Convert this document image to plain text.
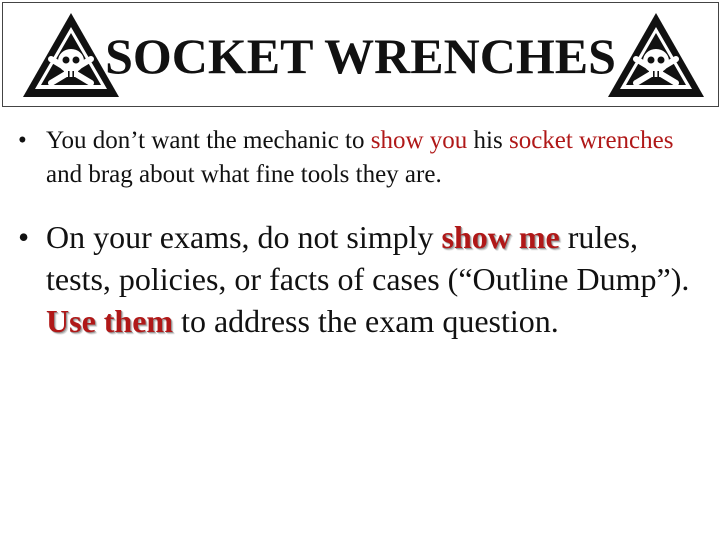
SOCKET WRENCHES
• You don’t want the mechanic to show you his socket wrenches and brag about what fine tools they are.
• On your exams, do not simply show me rules, tests, policies, or facts of cases (“Outline Dump”). Use them to address the exam question.
